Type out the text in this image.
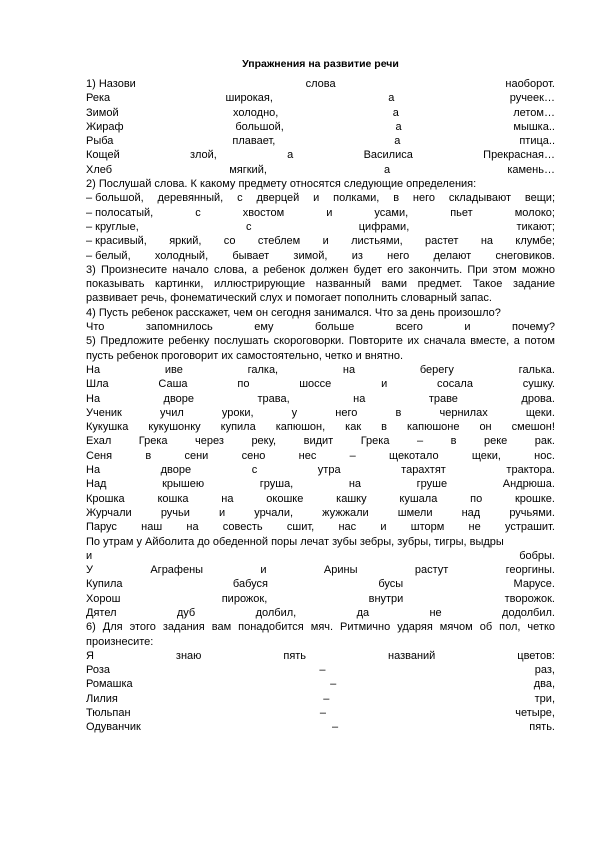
Упражнения на развитие речи
1) Назови	слова	наоборот.
Река	широкая,	а	ручеек…
Зимой	холодно,	а	летом…
Жираф	большой,	а	мышка..
Рыба	плавает,	а	птица..
Кощей	злой,	а	Василиса	Прекрасная…
Хлеб	мягкий,	а	камень…
2) Послушай слова. К какому предмету относятся следующие определения:
– большой, деревянный, с дверцей и полками, в него складывают вещи;
– полосатый,	с	хвостом	и	усами,	пьет	молоко;
– круглые,	с	цифрами,	тикают;
– красивый, яркий, со стеблем и листьями, растет на клумбе;
– белый, холодный, бывает зимой, из него делают снеговиков.
3) Произнесите начало слова, а ребенок должен будет его закончить. При этом можно показывать картинки, иллюстрирующие названный вами предмет. Такое задание развивает речь, фонематический слух и помогает пополнить словарный запас.
4) Пусть ребенок расскажет, чем он сегодня занимался. Что за день произошло?
Что	запомнилось	ему	больше	всего	и	почему?
5) Предложите ребенку послушать скороговорки. Повторите их сначала вместе, а потом пусть ребенок проговорит их самостоятельно, четко и внятно.
На	иве	галка,	на	берегу	галька.
Шла	Саша	по	шоссе	и	сосала	сушку.
На	дворе	трава,	на	траве	дрова.
Ученик	учил	уроки,	у	него	в	чернилах	щеки.
Кукушка кукушонку купила капюшон, как в капюшоне он смешон!
Ехал	Грека	через	реку,	видит	Грека	–	в	реке	рак.
Сеня	в	сени	сено	нес	–	щекотало	щеки,	нос.
На	дворе	с	утра	тарахтят	трактора.
Над	крышею	груша,	на	груше	Андрюша.
Крошка	кошка	на	окошке	кашку	кушала	по	крошке.
Журчали	ручьи	и	урчали,	жужжали	шмели	над	ручьями.
Парус наш на совесть сшит, нас и шторм не устрашит.
По утрам у Айболита до обеденной поры лечат зубы зебры, зубры, тигры, выдры
и	бобры.
У	Аграфены	и	Арины	растут	георгины.
Купила	бабуся	бусы	Марусе.
Хорош	пирожок,	внутри	творожок.
Дятел	дуб	долбил,	да	не	додолбил.
6) Для этого задания вам понадобится мяч. Ритмично ударяя мячом об пол, четко произнесите:
Я	знаю	пять	названий	цветов:
Роза	–	раз,
Ромашка	–	два,
Лилия	–	три,
Тюльпан	–	четыре,
Одуванчик	–	пять.
